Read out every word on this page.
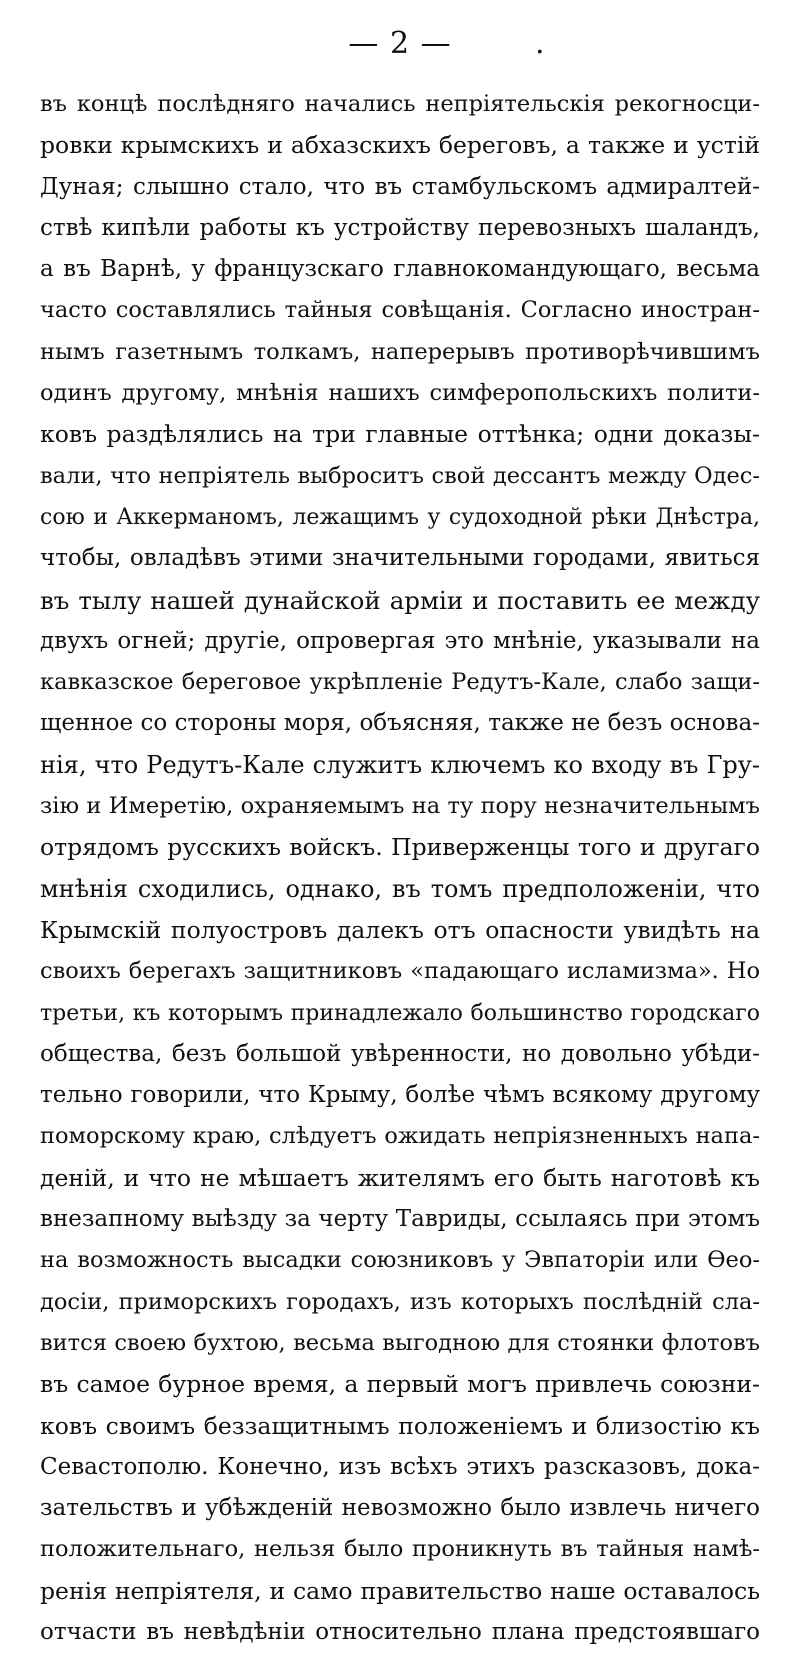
— 2 —	.
въ концѣ послѣдняго начались непріятельскія рекогносци-
ровки крымскихъ и абхазскихъ береговъ, а также и устій
Дуная; слышно стало, что въ стамбульскомъ адмиралтей-
ствѣ кипѣли работы къ устройству перевозныхъ шаландъ,
а въ Варнѣ, у французскаго главнокомандующаго, весьма
часто составлялись тайныя совѣщанія. Согласно иностран-
нымъ газетнымъ толкамъ, наперерывъ противорѣчившимъ
одинъ другому, мнѣнія нашихъ симферопольскихъ полити-
ковъ раздѣлялись на три главные оттѣнка; одни доказы-
вали, что непріятель выброситъ свой дессантъ между Одес-
сою и Аккерманомъ, лежащимъ у судоходной рѣки Днѣстра,
чтобы, овладѣвъ этими значительными городами, явиться
въ тылу нашей дунайской арміи и поставить ее между
двухъ огней; другіе, опровергая это мнѣніе, указывали на
кавказское береговое укрѣпленіе Редутъ-Кале, слабо защи-
щенное со стороны моря, объясняя, также не безъ основа-
нія, что Редутъ-Кале служитъ ключемъ ко входу въ Гру-
зію и Имеретію, охраняемымъ на ту пору незначительнымъ
отрядомъ русскихъ войскъ. Приверженцы того и другаго
мнѣнія сходились, однако, въ томъ предположеніи, что
Крымскій полуостровъ далекъ отъ опасности увидѣть на
своихъ берегахъ защитниковъ «падающаго исламизма». Но
третьи, къ которымъ принадлежало большинство городскаго
общества, безъ большой увѣренности, но довольно убѣди-
тельно говорили, что Крыму, болѣе чѣмъ всякому другому
поморскому краю, слѣдуетъ ожидать непріязненныхъ напа-
деній, и что не мѣшаетъ жителямъ его быть наготовѣ къ
внезапному выѣзду за черту Тавриды, ссылаясь при этомъ
на возможность высадки союзниковъ у Эвпаторіи или Ѳео-
досіи, приморскихъ городахъ, изъ которыхъ послѣдній сла-
вится своею бухтою, весьма выгодною для стоянки флотовъ
въ самое бурное время, а первый могъ привлечь союзни-
ковъ своимъ беззащитнымъ положеніемъ и близостію къ
Севастополю. Конечно, изъ всѣхъ этихъ разсказовъ, дока-
зательствъ и убѣжденій невозможно было извлечь ничего
положительнаго, нельзя было проникнуть въ тайныя намѣ-
ренія непріятеля, и само правительство наше оставалось
отчасти въ невѣдѣніи относительно плана предстоявшаго
